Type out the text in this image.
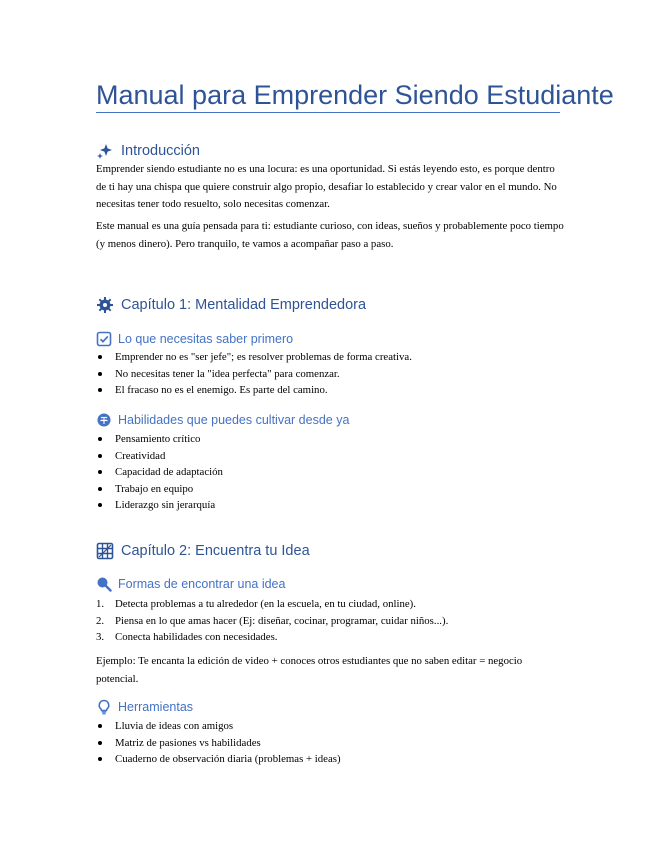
Manual para Emprender Siendo Estudiante
Introducción

Emprender siendo estudiante no es una locura: es una oportunidad. Si estás leyendo esto, es porque dentro de ti hay una chispa que quiere construir algo propio, desafiar lo establecido y crear valor en el mundo. No necesitas tener todo resuelto, solo necesitas comenzar.

Este manual es una guía pensada para ti: estudiante curioso, con ideas, sueños y probablemente poco tiempo (y menos dinero). Pero tranquilo, te vamos a acompañar paso a paso.

Capítulo 1: Mentalidad Emprendedora
Lo que necesitas saber primero
Emprender no es "ser jefe"; es resolver problemas de forma creativa.
No necesitas tener la "idea perfecta" para comenzar.
El fracaso no es el enemigo. Es parte del camino.
Habilidades que puedes cultivar desde ya
Pensamiento crítico
Creatividad
Capacidad de adaptación
Trabajo en equipo
Liderazgo sin jerarquía
Capítulo 2: Encuentra tu Idea
Formas de encontrar una idea
1.	Detecta problemas a tu alrededor (en la escuela, en tu ciudad, online).
2.	Piensa en lo que amas hacer (Ej: diseñar, cocinar, programar, cuidar niños...).
3.	Conecta habilidades con necesidades.

Ejemplo: Te encanta la edición de video + conoces otros estudiantes que no saben editar = negocio potencial.

Herramientas
Lluvia de ideas con amigos
Matriz de pasiones vs habilidades
Cuaderno de observación diaria (problemas + ideas)
